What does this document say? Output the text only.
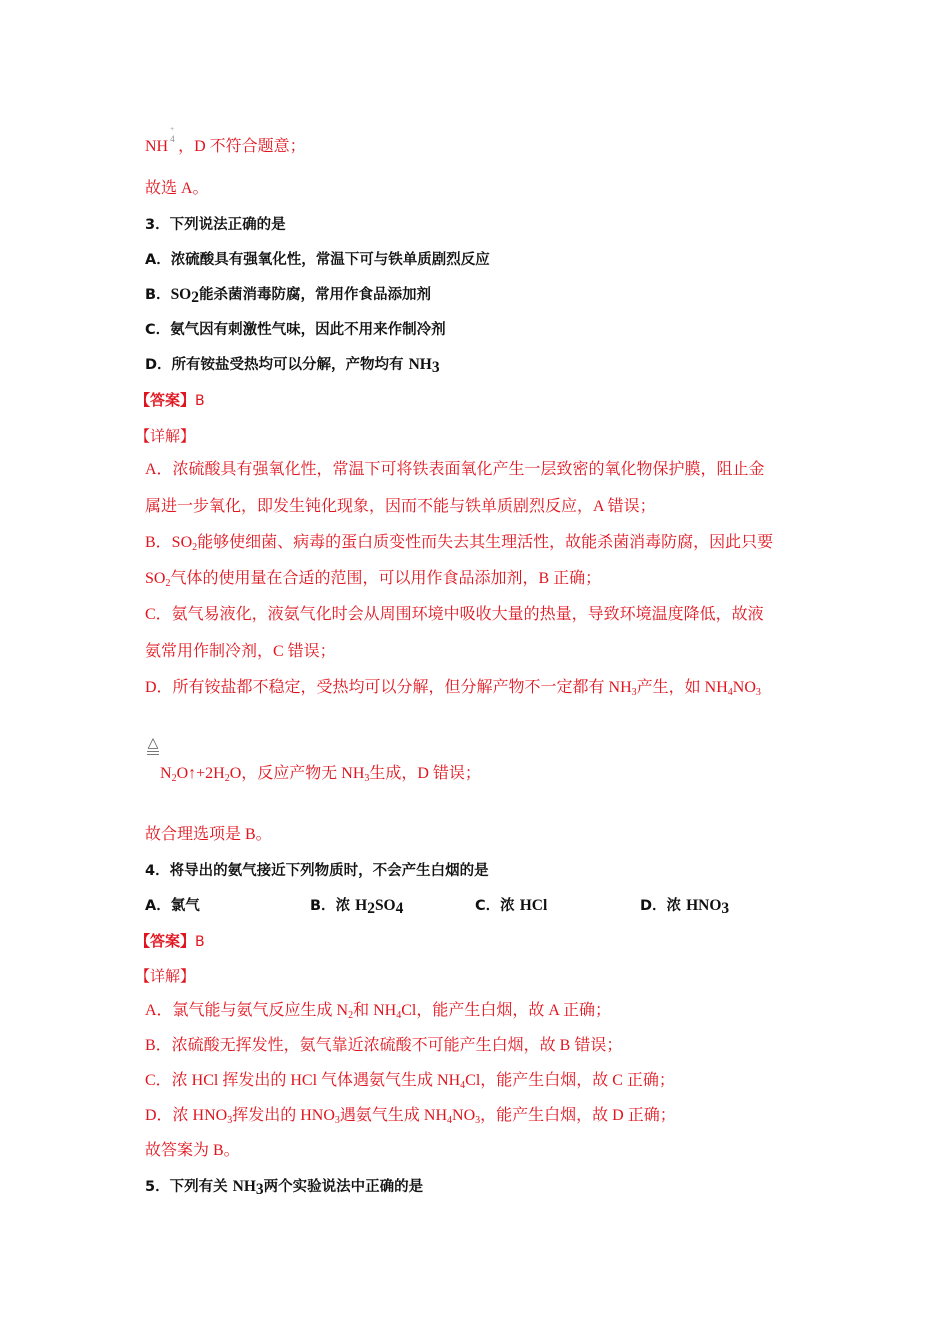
NH
+
4 ，D 不符合题意；
故选 A。
3．下列说法正确的是
A．浓硫酸具有强氧化性，常温下可与铁单质剧烈反应
B．$SO_2$能杀菌消毒防腐，常用作食品添加剂
C．氨气因有刺激性气味，因此不用来作制冷剂
D．所有铵盐受热均可以分解，产物均有 $NH_3$
【答案】B
【详解】
A．浓硫酸具有强氧化性，常温下可将铁表面氧化产生一层致密的氧化物保护膜，阻止金
属进一步氧化，即发生钝化现象，因而不能与铁单质剧烈反应，A 错误；
B．$SO_2$能够使细菌、病毒的蛋白质变性而失去其生理活性，故能杀菌消毒防腐，因此只要
$SO_2$气体的使用量在合适的范围，可以用作食品添加剂，B 正确；
C．氨气易液化，液氨气化时会从周围环境中吸收大量的热量，导致环境温度降低，故液
氨常用作制冷剂，C 错误；
D．所有铵盐都不稳定，受热均可以分解，但分解产物不一定都有 $NH_3$产生，如 $NH_4NO_3$
△
$N_2O↑+2H_2O$，反应产物无 $NH_3$生成，D 错误；
故合理选项是 B。
4．将导出的氨气接近下列物质时，不会产生白烟的是
A．氯气	B．浓 $H_2SO_4$	C．浓 HCl	D．浓 $HNO_3$
【答案】B
【详解】
A．氯气能与氨气反应生成 $N_2$和 $NH_4Cl$，能产生白烟，故 A 正确；
B．浓硫酸无挥发性，氨气靠近浓硫酸不可能产生白烟，故 B 错误；
C．浓 HCl 挥发出的 HCl 气体遇氨气生成 $NH_4Cl$，能产生白烟，故 C 正确；
D．浓 $HNO_3$挥发出的 $HNO_3$遇氨气生成 $NH_4NO_3$，能产生白烟，故 D 正确；
故答案为 B。
5．下列有关 $NH_3$两个实验说法中正确的是
